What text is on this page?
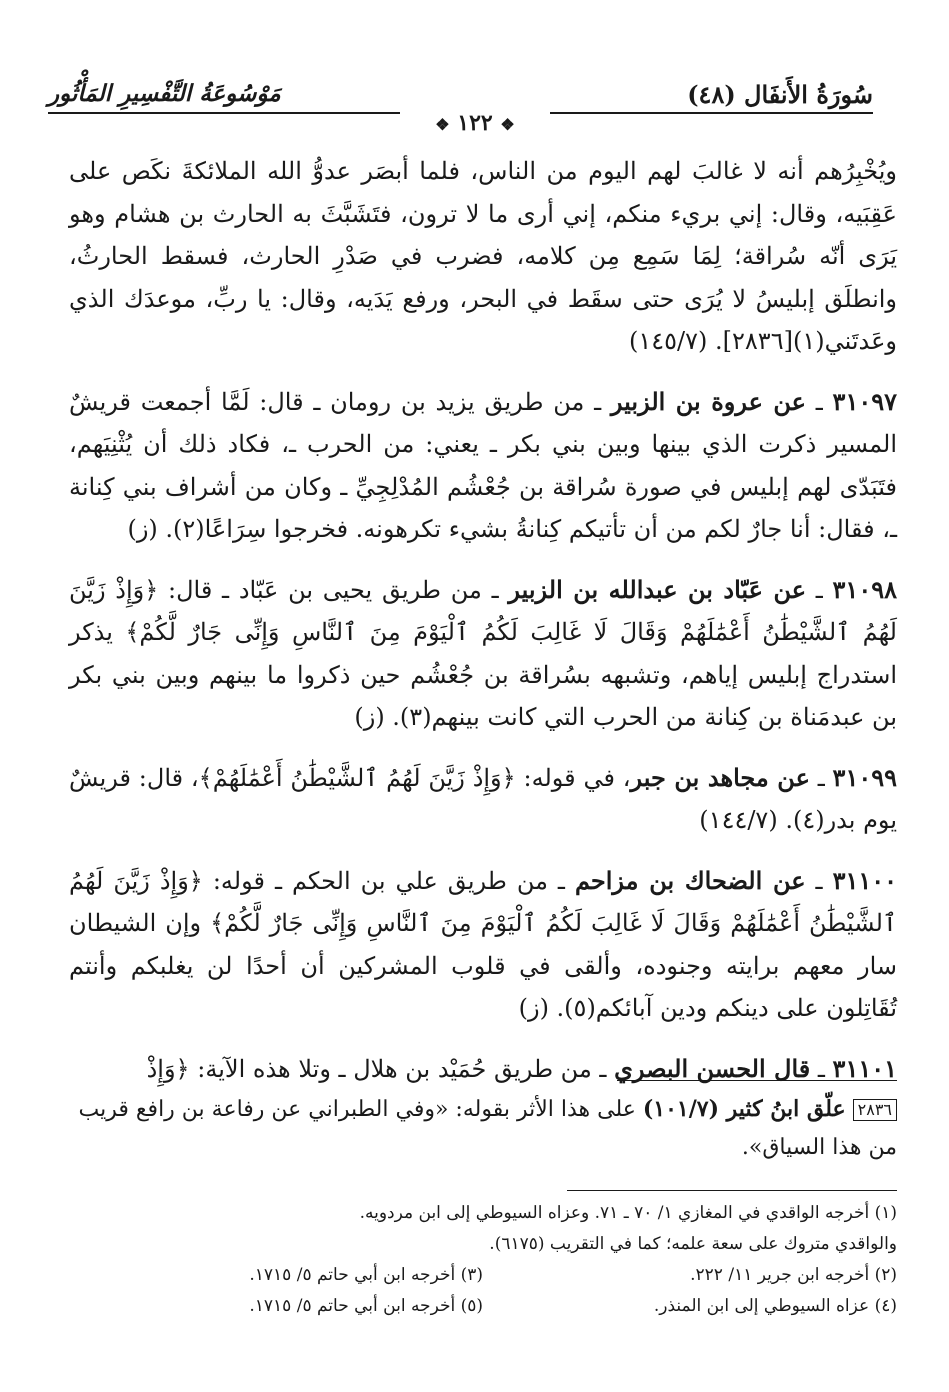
سُورَةُ الأَنفَال (٤٨)
مَوْسُوعَةُ التَّفْسِيرِ المَأْثُور
❖ ١٢٢ ❖

ويُخْبِرُهم أنه لا غالبَ لهم اليوم من الناس، فلما أبصَر عدوُّ الله الملائكةَ نكَص على عَقِبَيه، وقال: إني بريء منكم، إني أرى ما لا ترون، فتَشَبَّثَ به الحارث بن هشام وهو يَرَى أنّه سُراقة؛ لِمَا سَمِع مِن كلامه، فضرب في صَدْرِ الحارث، فسقط الحارثُ، وانطلَق إبليسُ لا يُرَى حتى سقَط في البحر، ورفع يَدَيه، وقال: يا ربِّ، موعدَك الذي وعَدتَني(١)[٢٨٣٦]. (١٤٥/٧)

٣١٠٩٧ ـ عن عروة بن الزبير ـ من طريق يزيد بن رومان ـ قال: لَمَّا أجمعت قريشٌ المسير ذكرت الذي بينها وبين بني بكر ـ يعني: من الحرب ـ، فكاد ذلك أن يُثْنِيَهم، فتَبَدّى لهم إبليس في صورة سُراقة بن جُعْشُم المُدْلِجِيِّ ـ وكان من أشراف بني كِنانة ـ، فقال: أنا جارٌ لكم من أن تأتيكم كِنانةُ بشيء تكرهونه. فخرجوا سِرَاعًا(٢). (ز)

٣١٠٩٨ ـ عن عَبّاد بن عبدالله بن الزبير ـ من طريق يحيى بن عَبّاد ـ قال: ﴿وَإِذْ زَيَّنَ لَهُمُ ٱلشَّيْطَٰنُ أَعْمَٰلَهُمْ وَقَالَ لَا غَالِبَ لَكُمُ ٱلْيَوْمَ مِنَ ٱلنَّاسِ وَإِنِّى جَارٌ لَّكُمْ﴾ يذكر استدراج إبليس إياهم، وتشبهه بسُراقة بن جُعْشُم حين ذكروا ما بينهم وبين بني بكر بن عبدمَناة بن كِنانة من الحرب التي كانت بينهم(٣). (ز)

٣١٠٩٩ ـ عن مجاهد بن جبر، في قوله: ﴿وَإِذْ زَيَّنَ لَهُمُ ٱلشَّيْطَٰنُ أَعْمَٰلَهُمْ﴾، قال: قريشٌ يوم بدر(٤). (١٤٤/٧)

٣١١٠٠ ـ عن الضحاك بن مزاحم ـ من طريق علي بن الحكم ـ قوله: ﴿وَإِذْ زَيَّنَ لَهُمُ ٱلشَّيْطَٰنُ أَعْمَٰلَهُمْ وَقَالَ لَا غَالِبَ لَكُمُ ٱلْيَوْمَ مِنَ ٱلنَّاسِ وَإِنِّى جَارٌ لَّكُمْ﴾ وإن الشيطان سار معهم برايته وجنوده، وألقى في قلوب المشركين أن أحدًا لن يغلبكم وأنتم تُقَاتِلون على دينكم ودين آبائكم(٥). (ز)

٣١١٠١ ـ قال الحسن البصري ـ من طريق حُمَيْد بن هلال ـ وتلا هذه الآية: ﴿وَإِذْ

٢٨٣٦ علّق ابنُ كثير (١٠١/٧) على هذا الأثر بقوله: «وفي الطبراني عن رفاعة بن رافع قريب من هذا السياق».
(١) أخرجه الواقدي في المغازي ١/ ٧٠ ـ ٧١. وعزاه السيوطي إلى ابن مردويه.
والواقدي متروك على سعة علمه؛ كما في التقريب (٦١٧٥).
(٢) أخرجه ابن جرير ١١/ ٢٢٢.
(٣) أخرجه ابن أبي حاتم ٥/ ١٧١٥.
(٤) عزاه السيوطي إلى ابن المنذر.
(٥) أخرجه ابن أبي حاتم ٥/ ١٧١٥.
